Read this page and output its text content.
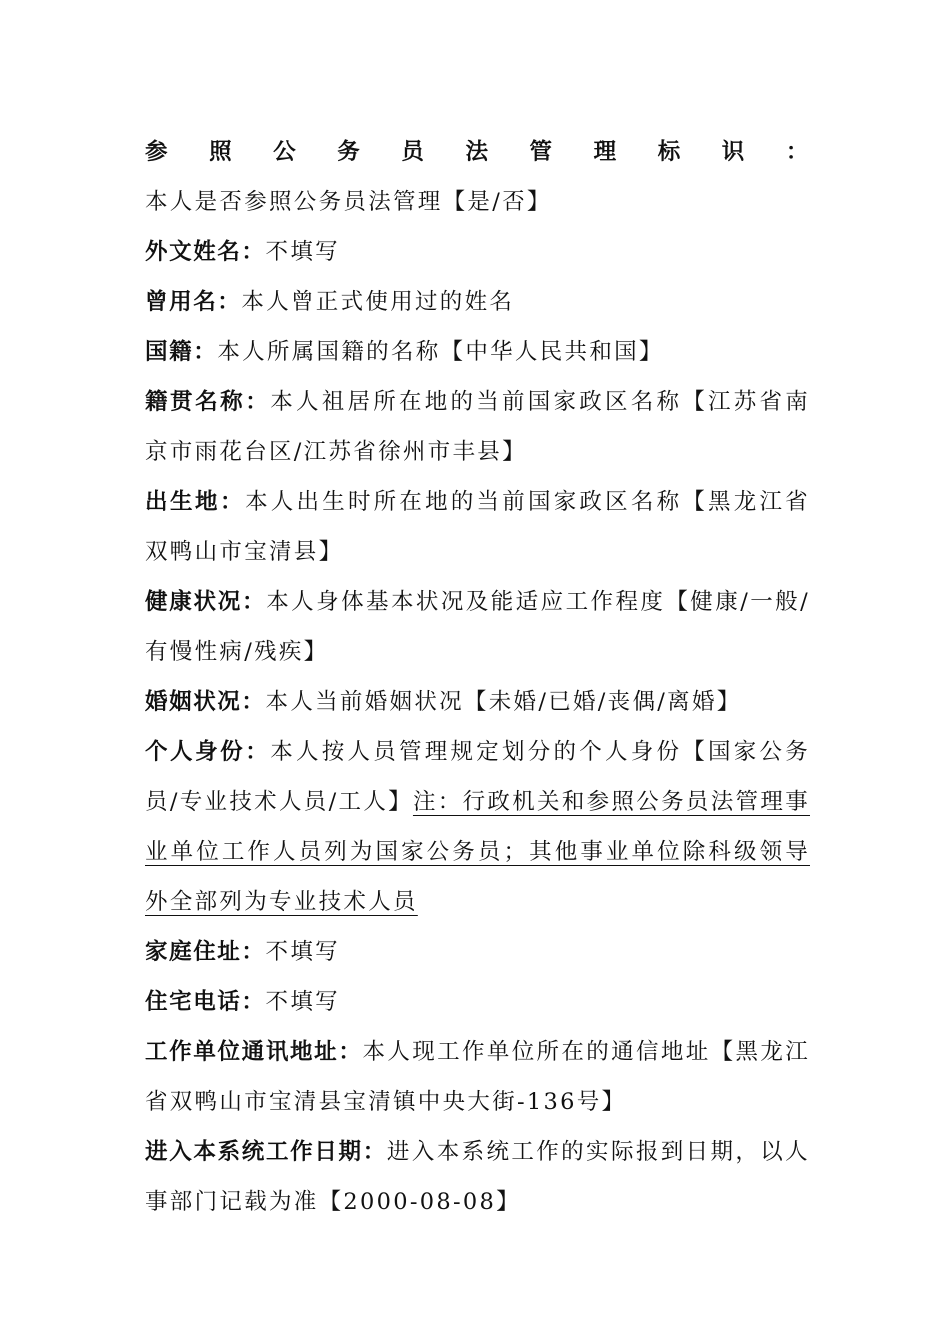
参照公务员法管理标识：本人是否参照公务员法管理【是/否】

外文姓名：不填写

曾用名：本人曾正式使用过的姓名

国籍：本人所属国籍的名称【中华人民共和国】

籍贯名称：本人祖居所在地的当前国家政区名称【江苏省南京市雨花台区/江苏省徐州市丰县】

出生地：本人出生时所在地的当前国家政区名称【黑龙江省双鸭山市宝清县】

健康状况：本人身体基本状况及能适应工作程度【健康/一般/有慢性病/残疾】

婚姻状况：本人当前婚姻状况【未婚/已婚/丧偶/离婚】

个人身份：本人按人员管理规定划分的个人身份【国家公务员/专业技术人员/工人】注：行政机关和参照公务员法管理事业单位工作人员列为国家公务员；其他事业单位除科级领导外全部列为专业技术人员

家庭住址：不填写

住宅电话：不填写

工作单位通讯地址：本人现工作单位所在的通信地址【黑龙江省双鸭山市宝清县宝清镇中央大街-136号】

进入本系统工作日期：进入本系统工作的实际报到日期，以人事部门记载为准【2000-08-08】
